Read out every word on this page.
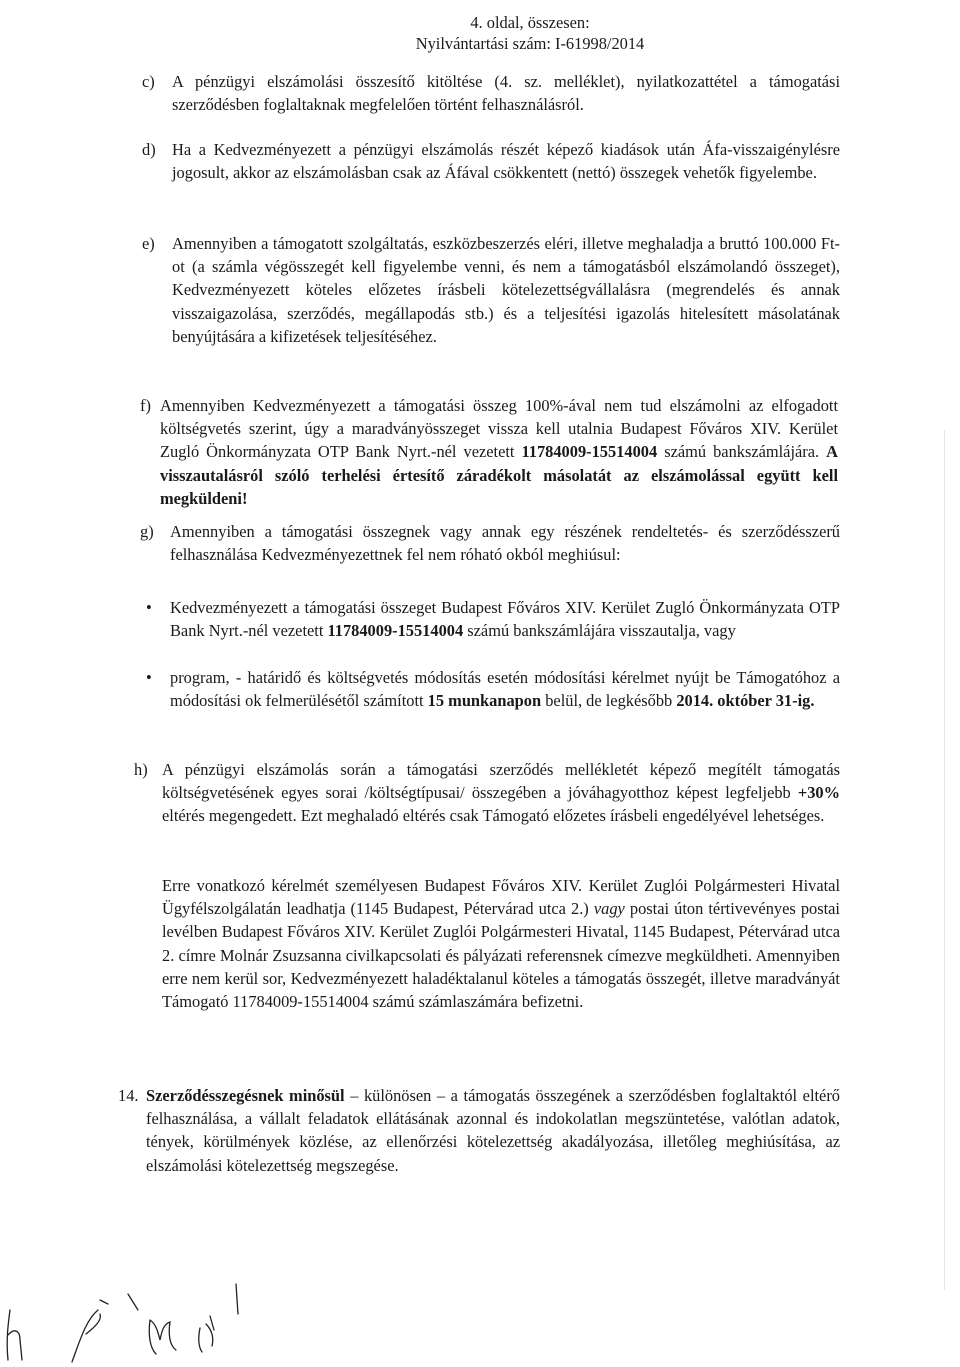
4. oldal, összesen:
Nyilvántartási szám: I-61998/2014
c) A pénzügyi elszámolási összesítő kitöltése (4. sz. melléklet), nyilatkozattétel a támogatási szerződésben foglaltaknak megfelelően történt felhasználásról.
d) Ha a Kedvezményezett a pénzügyi elszámolás részét képező kiadások után Áfa-visszaigénylésre jogosult, akkor az elszámolásban csak az Áfával csökkentett (nettó) összegek vehetők figyelembe.
e) Amennyiben a támogatott szolgáltatás, eszközbeszerzés eléri, illetve meghaladja a bruttó 100.000 Ft-ot (a számla végösszegét kell figyelembe venni, és nem a támogatásból elszámolandó összeget), Kedvezményezett köteles előzetes írásbeli kötelezettségvállalásra (megrendelés és annak visszaigazolása, szerződés, megállapodás stb.) és a teljesítési igazolás hitelesített másolatának benyújtására a kifizetések teljesítéséhez.
f) Amennyiben Kedvezményezett a támogatási összeg 100%-ával nem tud elszámolni az elfogadott költségvetés szerint, úgy a maradványösszeget vissza kell utalnia Budapest Főváros XIV. Kerület Zugló Önkormányzata OTP Bank Nyrt.-nél vezetett 11784009-15514004 számú bankszámlájára. A visszautalásról szóló terhelési értesítő záradékolt másolatát az elszámolással együtt kell megküldeni!
g) Amennyiben a támogatási összegnek vagy annak egy részének rendeltetés- és szerződésszerű felhasználása Kedvezményezettnek fel nem róható okból meghiúsul:
• Kedvezményezett a támogatási összeget Budapest Főváros XIV. Kerület Zugló Önkormányzata OTP Bank Nyrt.-nél vezetett 11784009-15514004 számú bankszámlájára visszautalja, vagy
• program, - határidő és költségvetés módosítás esetén módosítási kérelmet nyújt be Támogatóhoz a módosítási ok felmerülésétől számított 15 munkanapon belül, de legkésőbb 2014. október 31-ig.
h) A pénzügyi elszámolás során a támogatási szerződés mellékletét képező megítélt támogatás költségvetésének egyes sorai /költségtípusai/ összegében a jóváhagyotthoz képest legfeljebb +30% eltérés megengedett. Ezt meghaladó eltérés csak Támogató előzetes írásbeli engedélyével lehetséges.
Erre vonatkozó kérelmét személyesen Budapest Főváros XIV. Kerület Zuglói Polgármesteri Hivatal Ügyfélszolgálatán leadhatja (1145 Budapest, Pétervárad utca 2.) vagy postai úton tértivevényes postai levélben Budapest Főváros XIV. Kerület Zuglói Polgármesteri Hivatal, 1145 Budapest, Pétervárad utca 2. címre Molnár Zsuzsanna civilkapcsolati és pályázati referensnek címezve megküldheti. Amennyiben erre nem kerül sor, Kedvezményezett haladéktalanul köteles a támogatás összegét, illetve maradványát Támogató 11784009-15514004 számú számlaszámára befizetni.
14. Szerződésszegésnek minősül – különösen – a támogatás összegének a szerződésben foglaltaktól eltérő felhasználása, a vállalt feladatok ellátásának azonnal és indokolatlan megszüntetése, valótlan adatok, tények, körülmények közlése, az ellenőrzési kötelezettség akadályozása, illetőleg meghiúsítása, az elszámolási kötelezettség megszegése.
